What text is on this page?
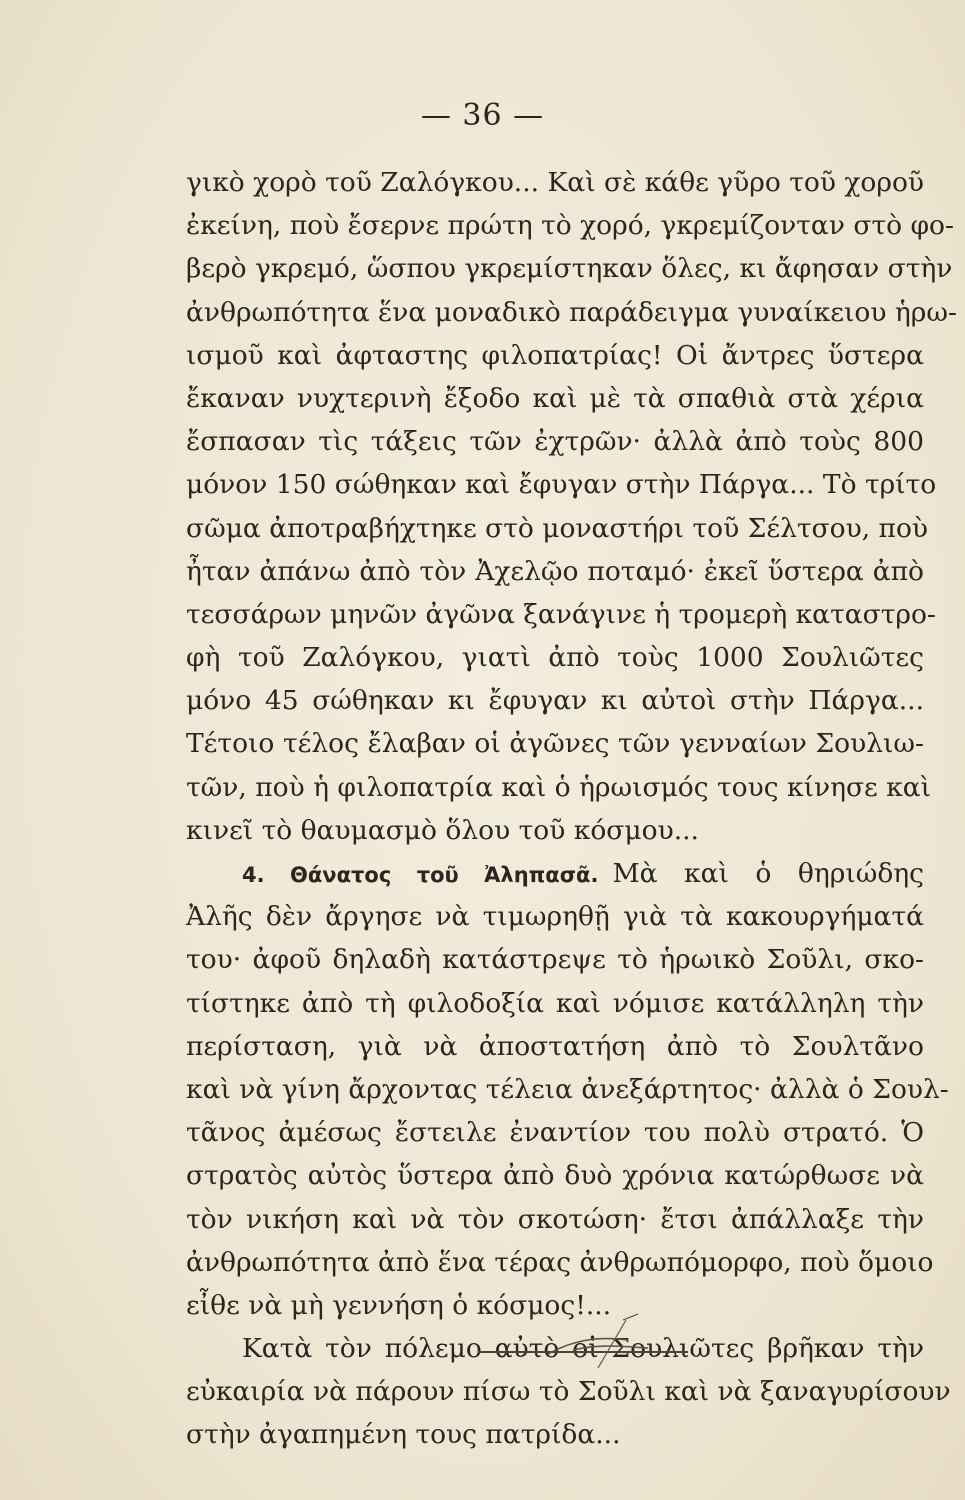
— 36 —
γικὸ χορὸ τοῦ Ζαλόγκου... Καὶ σὲ κάθε γῦρο τοῦ χοροῦ
ἐκείνη, ποὺ ἔσερνε πρώτη τὸ χορό, γκρεμίζονταν στὸ φο-
βερὸ γκρεμό, ὥσπου γκρεμίστηκαν ὅλες, κι ἄφησαν στὴν
ἀνθρωπότητα ἕνα μοναδικὸ παράδειγμα γυναίκειου ἡρω-
ισμοῦ καὶ ἀφταστης φιλοπατρίας! Οἱ ἄντρες ὕστερα
ἔκαναν νυχτερινὴ ἔξοδο καὶ μὲ τὰ σπαθιὰ στὰ χέρια
ἔσπασαν τὶς τάξεις τῶν ἐχτρῶν· ἀλλὰ ἀπὸ τοὺς 800
μόνον 150 σώθηκαν καὶ ἔφυγαν στὴν Πάργα... Τὸ τρίτο
σῶμα ἀποτραβήχτηκε στὸ μοναστήρι τοῦ Σέλτσου, ποὺ
ἦταν ἀπάνω ἀπὸ τὸν Ἀχελῷο ποταμό· ἐκεῖ ὕστερα ἀπὸ
τεσσάρων μηνῶν ἀγῶνα ξανάγινε ἡ τρομερὴ καταστρο-
φὴ τοῦ Ζαλόγκου, γιατὶ ἀπὸ τοὺς 1000 Σουλιῶτες
μόνο 45 σώθηκαν κι ἔφυγαν κι αὐτοὶ στὴν Πάργα...
Τέτοιο τέλος ἔλαβαν οἱ ἀγῶνες τῶν γενναίων Σουλιω-
τῶν, ποὺ ἡ φιλοπατρία καὶ ὁ ἡρωισμός τους κίνησε καὶ
κινεῖ τὸ θαυμασμὸ ὅλου τοῦ κόσμου...
4. Θάνατος τοῦ Ἀληπασᾶ. Μὰ καὶ ὁ θηριώδης
Ἀλῆς δὲν ἄργησε νὰ τιμωρηθῇ γιὰ τὰ κακουργήματά
του· ἀφοῦ δηλαδὴ κατάστρεψε τὸ ἡρωικὸ Σοῦλι, σκο-
τίστηκε ἀπὸ τὴ φιλοδοξία καὶ νόμισε κατάλληλη τὴν
περίσταση, γιὰ νὰ ἀποστατήση ἀπὸ τὸ Σουλτᾶνο
καὶ νὰ γίνη ἄρχοντας τέλεια ἀνεξάρτητος· ἀλλὰ ὁ Σουλ-
τᾶνος ἀμέσως ἔστειλε ἐναντίον του πολὺ στρατό. Ὁ
στρατὸς αὐτὸς ὕστερα ἀπὸ δυὸ χρόνια κατώρθωσε νὰ
τὸν νικήση καὶ νὰ τὸν σκοτώση· ἔτσι ἀπάλλαξε τὴν
ἀνθρωπότητα ἀπὸ ἕνα τέρας ἀνθρωπόμορφο, ποὺ ὅμοιο
εἶθε νὰ μὴ γεννήση ὁ κόσμος!...
Κατὰ τὸν πόλεμο αὐτὸ οἱ Σουλιῶτες βρῆκαν τὴν
εὐκαιρία νὰ πάρουν πίσω τὸ Σοῦλι καὶ νὰ ξαναγυρίσουν
στὴν ἀγαπημένη τους πατρίδα...
